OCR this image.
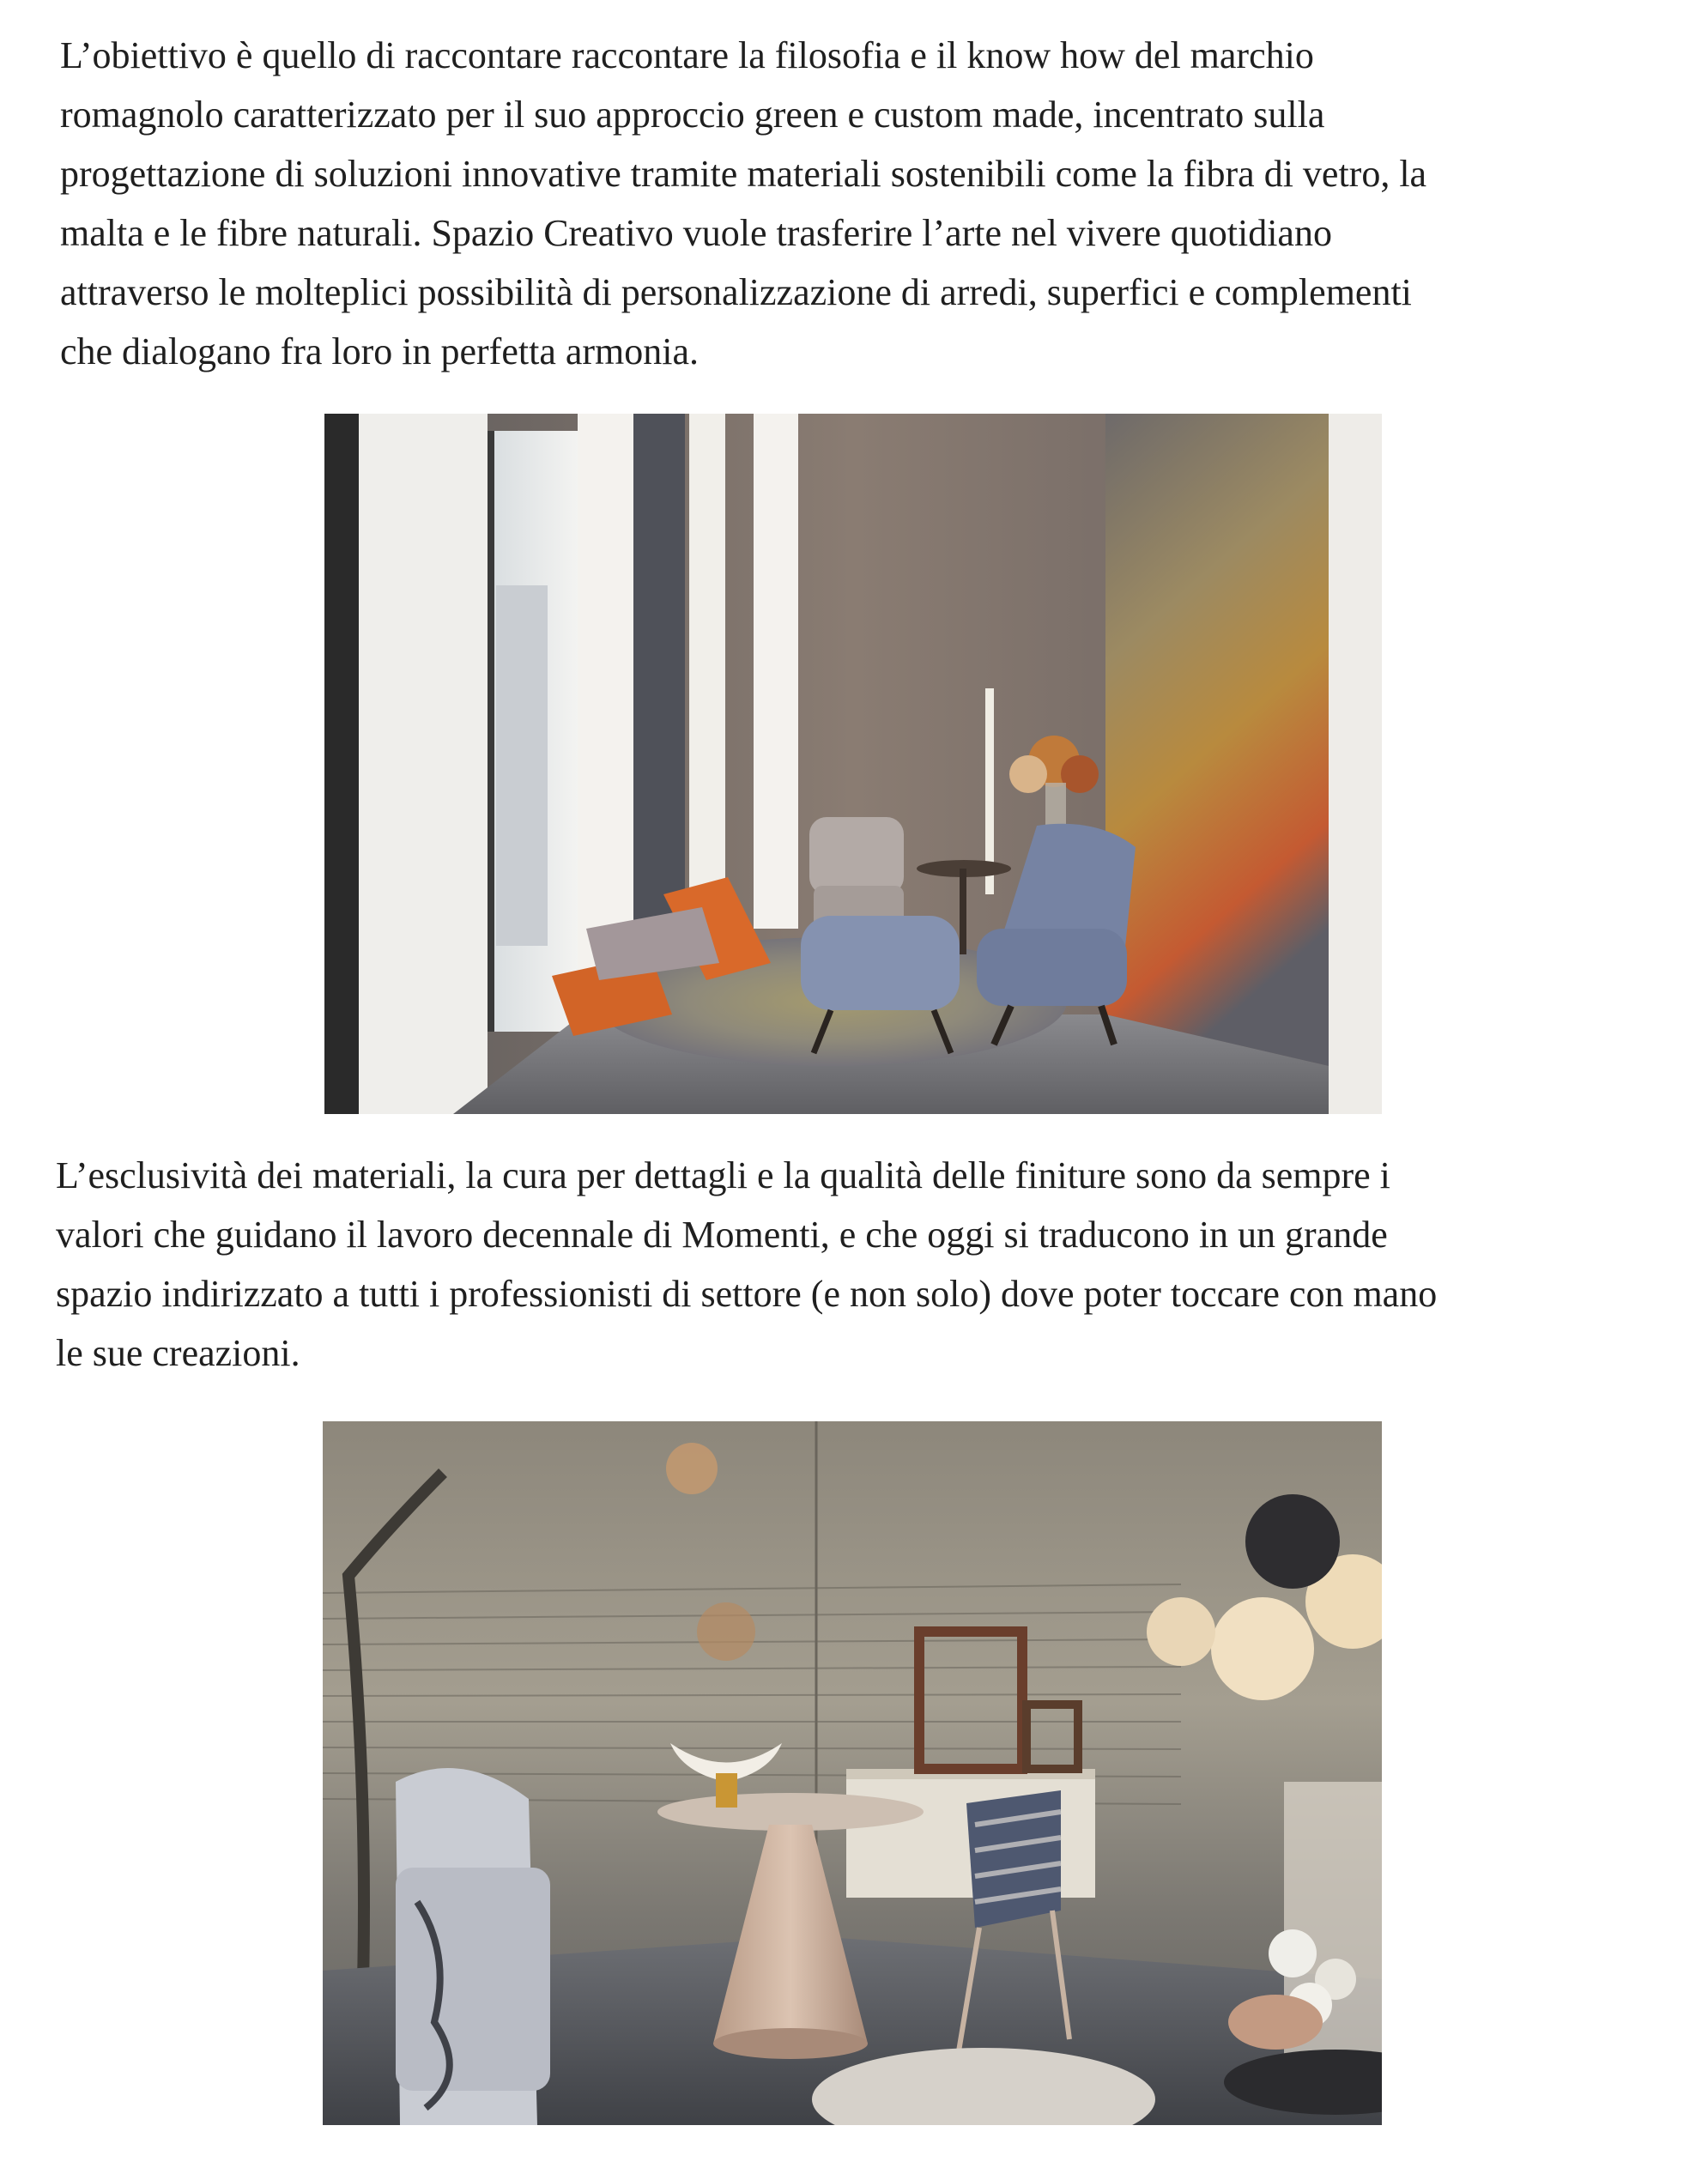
L’obiettivo è quello di raccontare raccontare la filosofia e il know how del marchio
romagnolo caratterizzato per il suo approccio green e custom made, incentrato sulla
progettazione di soluzioni innovative tramite materiali sostenibili come la fibra di vetro, la
malta e le fibre naturali. Spazio Creativo vuole trasferire l’arte nel vivere quotidiano
attraverso le molteplici possibilità di personalizzazione di arredi, superfici e complementi
che dialogano fra loro in perfetta armonia.

L’esclusività dei materiali, la cura per dettagli e la qualità delle finiture sono da sempre i
valori che guidano il lavoro decennale di Momenti, e che oggi si traducono in un grande
spazio indirizzato a tutti i professionisti di settore (e non solo) dove poter toccare con mano
le sue creazioni.
